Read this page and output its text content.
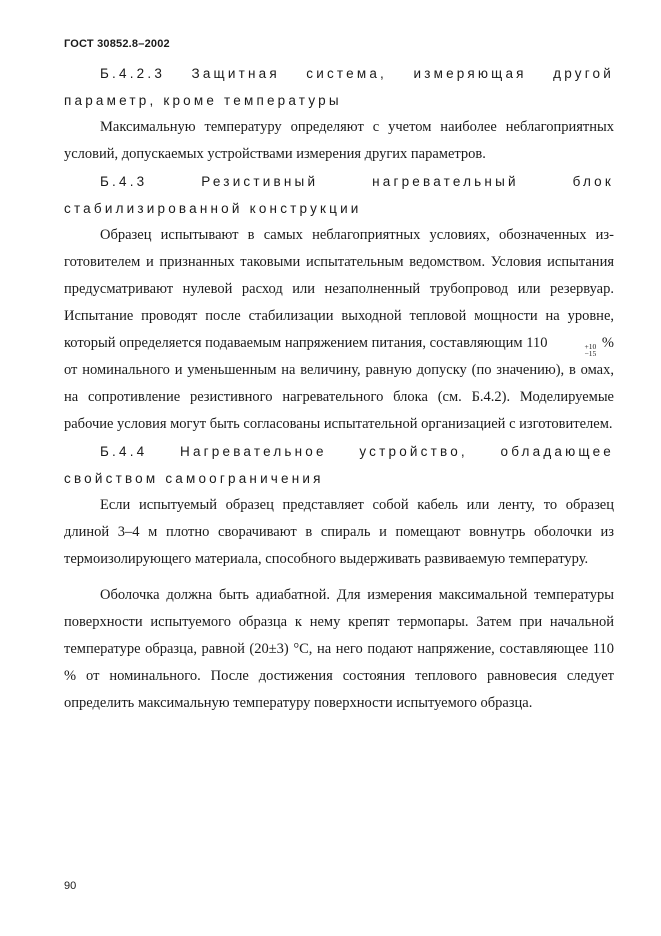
ГОСТ 30852.8–2002
Б.4.2.3 Защитная система, измеряющая другой параметр, кроме температуры

Максимальную температуру определяют с учетом наиболее неблагоприятных условий, допускаемых устройствами измерения других параметров.

Б.4.3 Резистивный нагревательный блок стабилизированной конструкции

Образец испытывают в самых неблагоприятных условиях, обозначенных изготовителем и признанных таковыми испытательным ведомством. Условия испытания предусматривают нулевой расход или незаполненный трубопровод или резервуар. Испытание проводят после стабилизации выходной тепловой мощности на уровне, который определяется подаваемым напряжением питания, составляющим 110	+10
−15
% от номинального и уменьшенным на величину, равную допуску (по значению), в омах, на сопротивление резистивного нагревательного блока (см. Б.4.2). Моделируемые рабочие условия могут быть согласованы испытательной организацией с изготовителем.

Б.4.4 Нагревательное устройство, обладающее свойством самоограничения

Если испытуемый образец представляет собой кабель или ленту, то образец длиной 3–4 м плотно сворачивают в спираль и помещают вовнутрь оболочки из термоизолирующего материала, способного выдерживать развиваемую температуру.

Оболочка должна быть адиабатной. Для измерения максимальной температуры поверхности испытуемого образца к нему крепят термопары. Затем при начальной температуре образца, равной (20±3) °С, на него подают напряжение, составляющее 110 % от номинального. После достижения состояния теплового равновесия следует определить максимальную температуру поверхности испытуемого образца.

90
